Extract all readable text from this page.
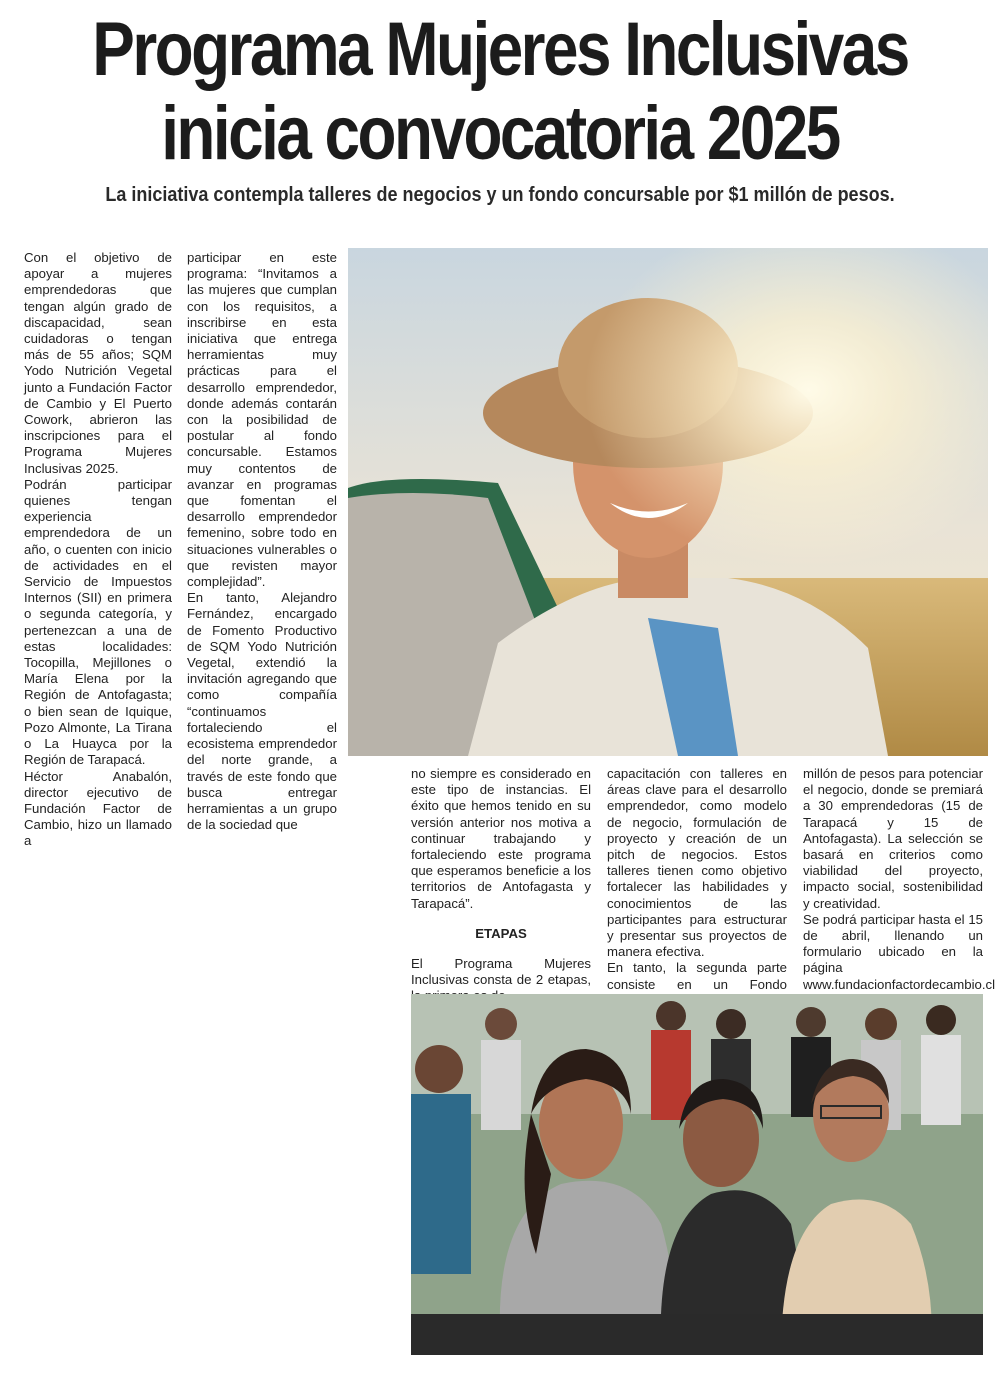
Programa Mujeres Inclusivas
inicia convocatoria 2025
La iniciativa contempla talleres de negocios y un fondo concursable por $1 millón de pesos.

Con el objetivo de apoyar a mujeres emprendedoras que tengan algún grado de discapacidad, sean cuidadoras o tengan más de 55 años; SQM Yodo Nutrición Vegetal junto a Fundación Factor de Cambio y El Puerto Cowork, abrieron las inscripciones para el Programa Mujeres Inclusivas 2025.

Podrán participar quienes tengan experiencia emprendedora de un año, o cuenten con inicio de actividades en el Servicio de Impuestos Internos (SII) en primera o segunda categoría, y pertenezcan a una de estas localidades: Tocopilla, Mejillones o María Elena por la Región de Antofagasta; o bien sean de Iquique, Pozo Almonte, La Tirana o La Huayca por la Región de Tarapacá.

Héctor Anabalón, director ejecutivo de Fundación Factor de Cambio, hizo un llamado a

participar en este programa: “Invitamos a las mujeres que cumplan con los requisitos, a inscribirse en esta iniciativa que entrega herramientas muy prácticas para el desarrollo emprendedor, donde además contarán con la posibilidad de postular al fondo concursable. Estamos muy contentos de avanzar en programas que fomentan el desarrollo emprendedor femenino, sobre todo en situaciones vulnerables o que revisten mayor complejidad”.

En tanto, Alejandro Fernández, encargado de Fomento Productivo de SQM Yodo Nutrición Vegetal, extendió la invitación agregando que como compañía “continuamos fortaleciendo el ecosistema emprendedor del norte grande, a través de este fondo que busca entregar herramientas a un grupo de la sociedad que

no siempre es considerado en este tipo de instancias. El éxito que hemos tenido en su versión anterior nos motiva a continuar trabajando y fortaleciendo este programa que esperamos beneficie a los territorios de Antofagasta y Tarapacá”.

ETAPAS

El Programa Mujeres Inclusivas consta de 2 etapas,

capacitación con talleres en áreas clave para el desarrollo emprendedor, como modelo de negocio, formulación de proyecto y creación de un pitch de negocios. Estos talleres tienen como objetivo fortalecer las habilidades y conocimientos de las participantes para estructurar y presentar sus proyectos de manera efectiva.

En tanto, la segunda parte consiste en un Fondo

millón de pesos para potenciar el negocio, donde se premiará a 30 emprendedoras (15 de Tarapacá y 15 de Antofagasta). La selección se basará en criterios como viabilidad del proyecto, impacto social, sostenibilidad y creatividad.

Se podrá participar hasta el 15 de abril, llenando un formulario ubicado en la página www.fundacionfactordecambio.cl
